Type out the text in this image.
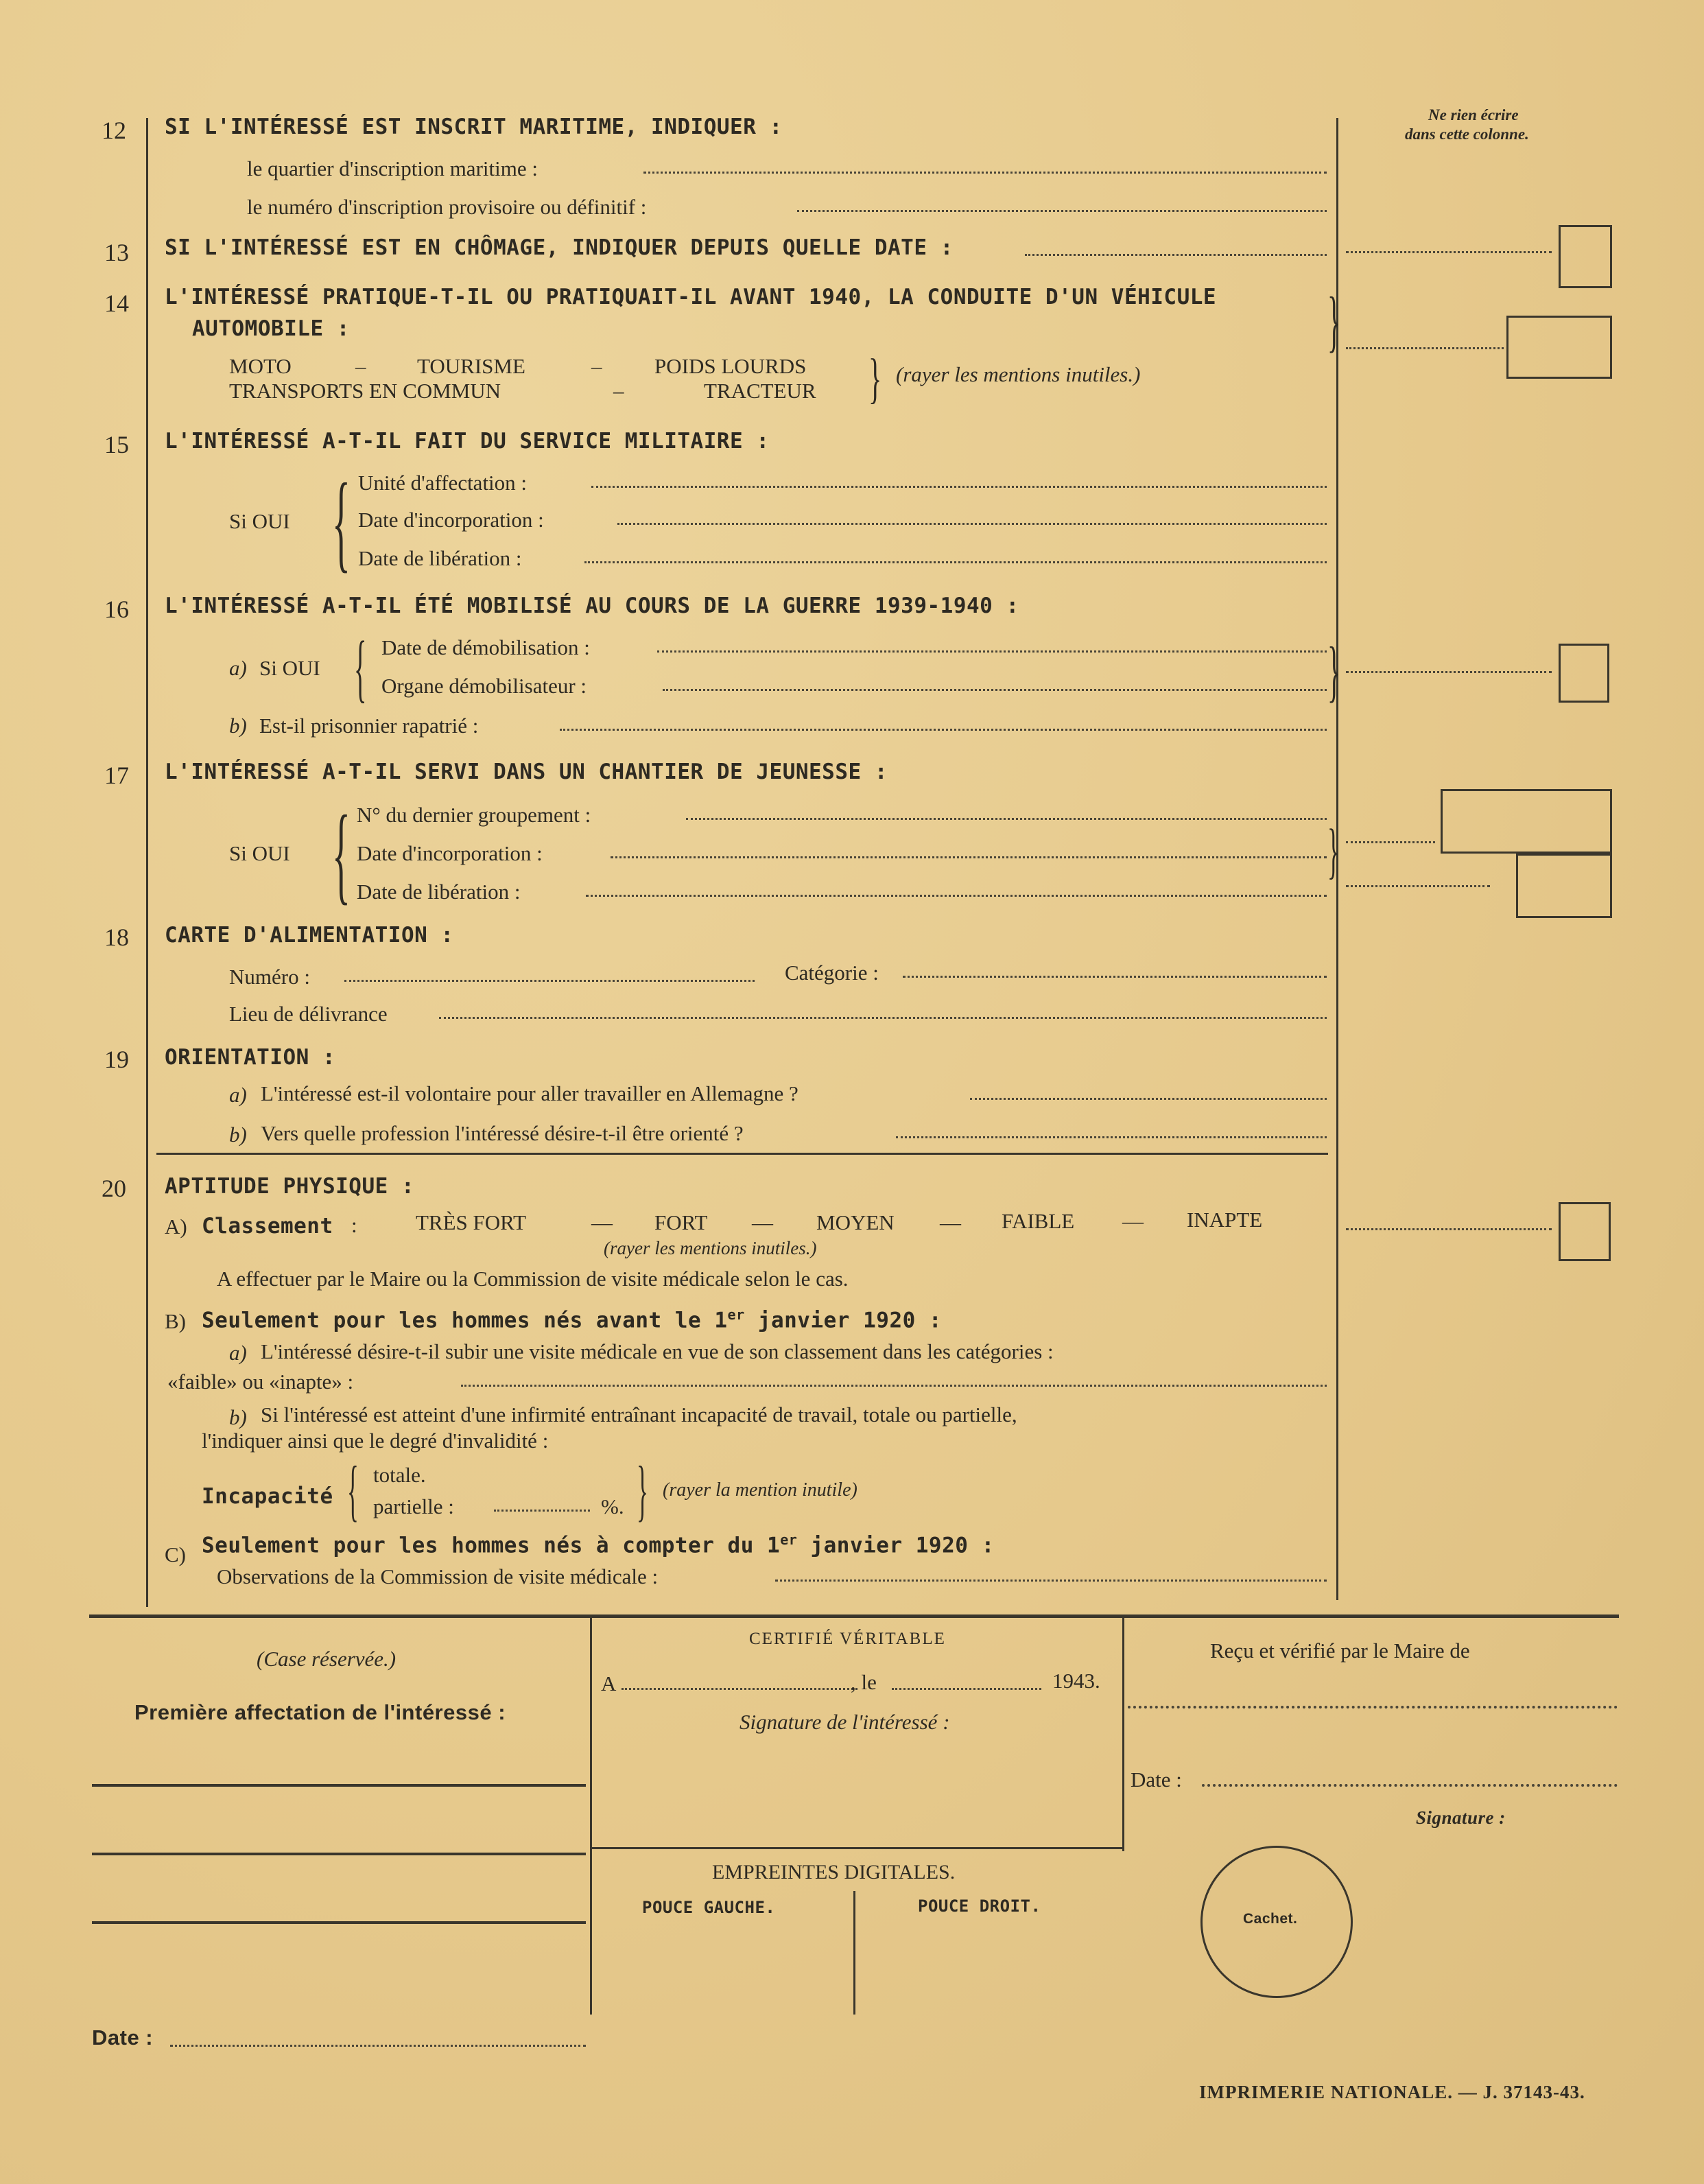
Ne rien écrire
dans cette colonne.
12 SI L'INTÉRESSÉ EST INSCRIT MARITIME, INDIQUER :
le quartier d'inscription maritime :
le numéro d'inscription provisoire ou définitif :
13 SI L'INTÉRESSÉ EST EN CHÔMAGE, INDIQUER DEPUIS QUELLE DATE :
14 L'INTÉRESSÉ PRATIQUE-T-IL OU PRATIQUAIT-IL AVANT 1940, LA CONDUITE D'UN VÉHICULE
AUTOMOBILE :
MOTO	– TOURISME	– POIDS LOURDS
TRANSPORTS EN COMMUN	–	TRACTEUR } (rayer les mentions inutiles.)
}
15 L'INTÉRESSÉ A-T-IL FAIT DU SERVICE MILITAIRE :
Si OUI { Unité d'affectation :
Date d'incorporation :
Date de libération :
16 L'INTÉRESSÉ A-T-IL ÉTÉ MOBILISÉ AU COURS DE LA GUERRE 1939-1940 :
a) Si OUI { Date de démobilisation :
Organe démobilisateur :
b) Est-il prisonnier rapatrié :
}
17 L'INTÉRESSÉ A-T-IL SERVI DANS UN CHANTIER DE JEUNESSE :
Si OUI { N° du dernier groupement :
Date d'incorporation :
Date de libération :
}
18 CARTE D'ALIMENTATION :
Numéro :	Catégorie :
Lieu de délivrance
19 ORIENTATION :
a) L'intéressé est-il volontaire pour aller travailler en Allemagne ?
b) Vers quelle profession l'intéressé désire-t-il être orienté ?
20 APTITUDE PHYSIQUE :
A) Classement :	TRÈS FORT	— FORT — MOYEN — FAIBLE — INAPTE
(rayer les mentions inutiles.)
A effectuer par le Maire ou la Commission de visite médicale selon le cas.
B) Seulement pour les hommes nés avant le 1er janvier 1920 :
a) L'intéressé désire-t-il subir une visite médicale en vue de son classement dans les catégories :
«faible» ou «inapte» :
b) Si l'intéressé est atteint d'une infirmité entraînant incapacité de travail, totale ou partielle,
l'indiquer ainsi que le degré d'invalidité :
Incapacité { totale.
partielle :	%. } (rayer la mention inutile)
C) Seulement pour les hommes nés à compter du 1er janvier 1920 :
Observations de la Commission de visite médicale :
(Case réservée.)
Première affectation de l'intéressé :
Date :
CERTIFIÉ VÉRITABLE
A	, le	1943.
Signature de l'intéressé :
EMPREINTES DIGITALES.
POUCE GAUCHE.	POUCE DROIT.
Reçu et vérifié par le Maire de
Date :
Signature :
Cachet.
IMPRIMERIE NATIONALE. — J. 37143-43.
